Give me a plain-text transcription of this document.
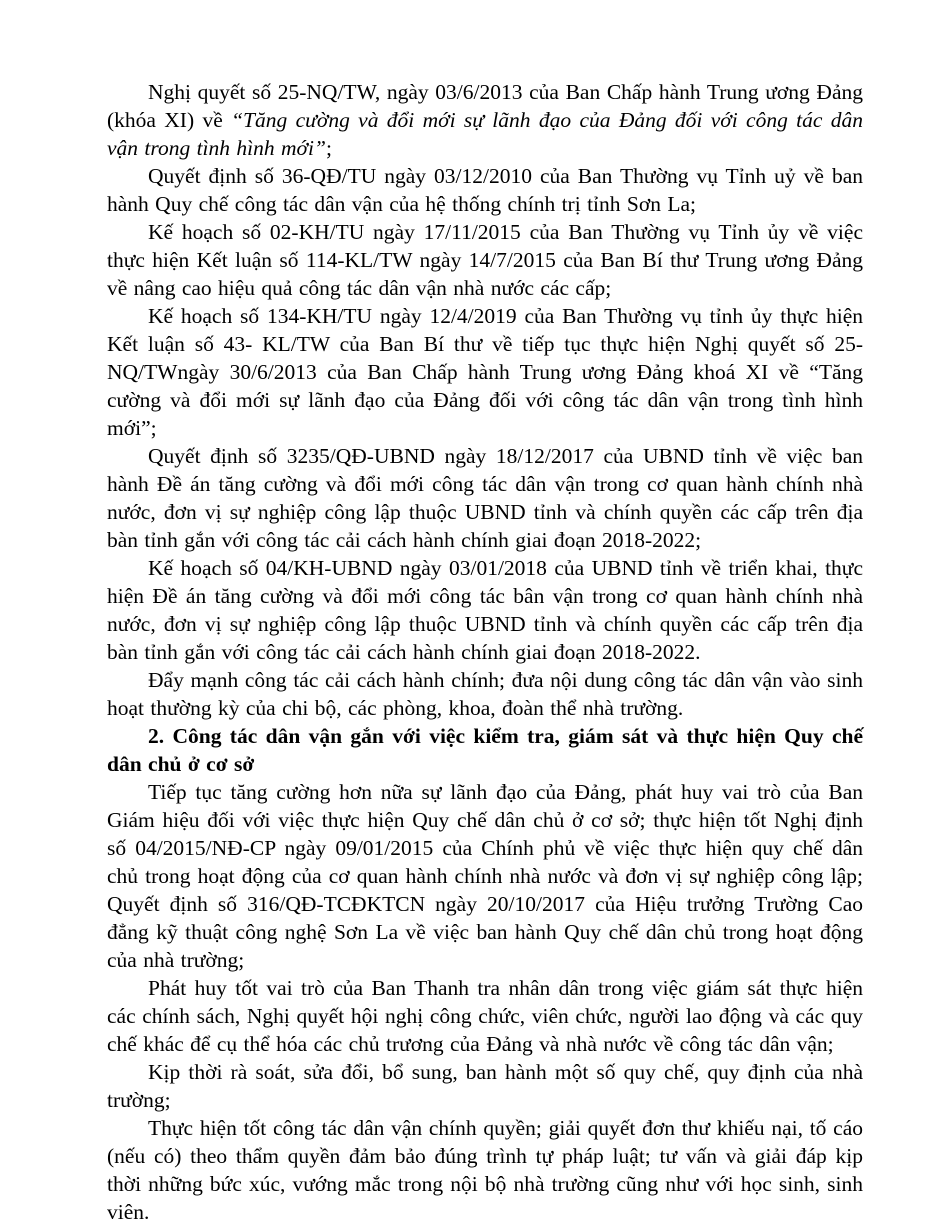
Nghị quyết số 25-NQ/TW, ngày 03/6/2013 của Ban Chấp hành Trung ương Đảng (khóa XI) về “Tăng cường và đổi mới sự lãnh đạo của Đảng đối với công tác dân vận trong tình hình mới”;

Quyết định số 36-QĐ/TU ngày 03/12/2010 của Ban Thường vụ Tỉnh uỷ về ban hành Quy chế công tác dân vận của hệ thống chính trị tỉnh Sơn La;

Kế hoạch số 02-KH/TU ngày 17/11/2015 của Ban Thường vụ Tỉnh ủy về việc thực hiện Kết luận số 114-KL/TW ngày 14/7/2015 của Ban Bí thư Trung ương Đảng về nâng cao hiệu quả công tác dân vận nhà nước các cấp;

Kế hoạch số 134-KH/TU ngày 12/4/2019 của Ban Thường vụ tỉnh ủy thực hiện Kết luận số 43- KL/TW của Ban Bí thư về tiếp tục thực hiện Nghị quyết số 25-NQ/TWngày 30/6/2013 của Ban Chấp hành Trung ương Đảng khoá XI về “Tăng cường và đổi mới sự lãnh đạo của Đảng đối với công tác dân vận trong tình hình mới”;

Quyết định số 3235/QĐ-UBND ngày 18/12/2017 của UBND tỉnh về việc ban hành Đề án tăng cường và đổi mới công tác dân vận trong cơ quan hành chính nhà nước, đơn vị sự nghiệp công lập thuộc UBND tỉnh và chính quyền các cấp trên địa bàn tỉnh gắn với công tác cải cách hành chính giai đoạn 2018-2022;

Kế hoạch số 04/KH-UBND ngày 03/01/2018 của UBND tỉnh về triển khai, thực hiện Đề án tăng cường và đổi mới công tác bân vận trong cơ quan hành chính nhà nước, đơn vị sự nghiệp công lập thuộc UBND tỉnh và chính quyền các cấp trên địa bàn tỉnh gắn với công tác cải cách hành chính giai đoạn 2018-2022.

Đẩy mạnh công tác cải cách hành chính; đưa nội dung công tác dân vận vào sinh hoạt thường kỳ của chi bộ, các phòng, khoa, đoàn thể nhà trường.

2. Công tác dân vận gắn với việc kiểm tra, giám sát và thực hiện Quy chế dân chủ ở cơ sở

Tiếp tục tăng cường hơn nữa sự lãnh đạo của Đảng, phát huy vai trò của Ban Giám hiệu đối với việc thực hiện Quy chế dân chủ ở cơ sở; thực hiện tốt Nghị định số 04/2015/NĐ-CP ngày 09/01/2015 của Chính phủ về việc thực hiện quy chế dân chủ trong hoạt động của cơ quan hành chính nhà nước và đơn vị sự nghiệp công lập; Quyết định số 316/QĐ-TCĐKTCN ngày 20/10/2017 của Hiệu trưởng Trường Cao đẳng kỹ thuật công nghệ Sơn La về việc ban hành Quy chế dân chủ trong hoạt động của nhà trường;

Phát huy tốt vai trò của Ban Thanh tra nhân dân trong việc giám sát thực hiện các chính sách, Nghị quyết hội nghị công chức, viên chức, người lao động và các quy chế khác để cụ thể hóa các chủ trương của Đảng và nhà nước về công tác dân vận;

Kịp thời rà soát, sửa đổi, bổ sung, ban hành một số quy chế, quy định của nhà trường;

Thực hiện tốt công tác dân vận chính quyền; giải quyết đơn thư khiếu nại, tố cáo (nếu có) theo thẩm quyền đảm bảo đúng trình tự pháp luật; tư vấn và giải đáp kịp thời những bức xúc, vướng mắc trong nội bộ nhà trường cũng như với học sinh, sinh viên.
